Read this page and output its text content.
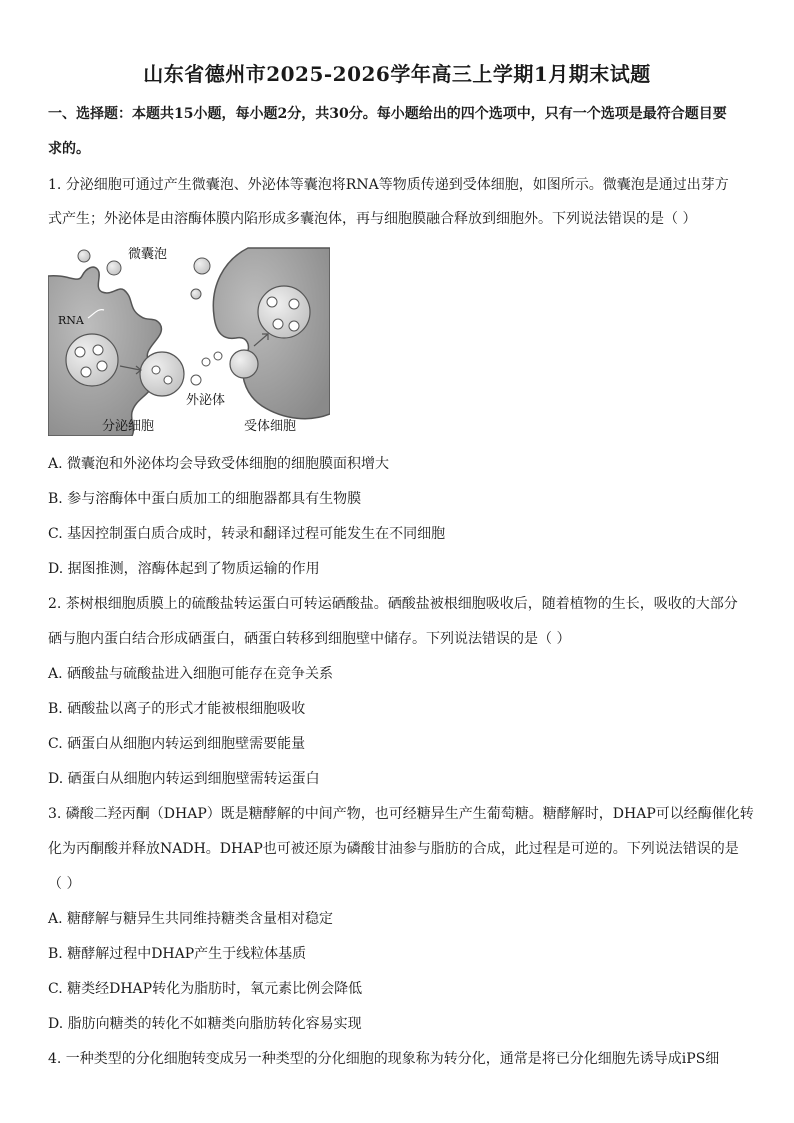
山东省德州市2025-2026学年高三上学期1月期末试题
一、选择题：本题共15小题，每小题2分，共30分。每小题给出的四个选项中，只有一个选项是最符合题目要
求的。
1. 分泌细胞可通过产生微囊泡、外泌体等囊泡将RNA等物质传递到受体细胞，如图所示。微囊泡是通过出芽方
式产生；外泌体是由溶酶体膜内陷形成多囊泡体，再与细胞膜融合释放到细胞外。下列说法错误的是（ ）
微囊泡
RNA
外泌体
分泌细胞	受体细胞
A. 微囊泡和外泌体均会导致受体细胞的细胞膜面积增大
B. 参与溶酶体中蛋白质加工的细胞器都具有生物膜
C. 基因控制蛋白质合成时，转录和翻译过程可能发生在不同细胞
D. 据图推测，溶酶体起到了物质运输的作用
2. 茶树根细胞质膜上的硫酸盐转运蛋白可转运硒酸盐。硒酸盐被根细胞吸收后，随着植物的生长，吸收的大部分
硒与胞内蛋白结合形成硒蛋白，硒蛋白转移到细胞壁中储存。下列说法错误的是（ ）
A. 硒酸盐与硫酸盐进入细胞可能存在竞争关系
B. 硒酸盐以离子的形式才能被根细胞吸收
C. 硒蛋白从细胞内转运到细胞壁需要能量
D. 硒蛋白从细胞内转运到细胞壁需转运蛋白
3. 磷酸二羟丙酮（DHAP）既是糖酵解的中间产物，也可经糖异生产生葡萄糖。糖酵解时，DHAP可以经酶催化转
化为丙酮酸并释放NADH。DHAP也可被还原为磷酸甘油参与脂肪的合成，此过程是可逆的。下列说法错误的是
（ ）
A. 糖酵解与糖异生共同维持糖类含量相对稳定
B. 糖酵解过程中DHAP产生于线粒体基质
C. 糖类经DHAP转化为脂肪时，氧元素比例会降低
D. 脂肪向糖类的转化不如糖类向脂肪转化容易实现
4. 一种类型的分化细胞转变成另一种类型的分化细胞的现象称为转分化，通常是将已分化细胞先诱导成iPS细
